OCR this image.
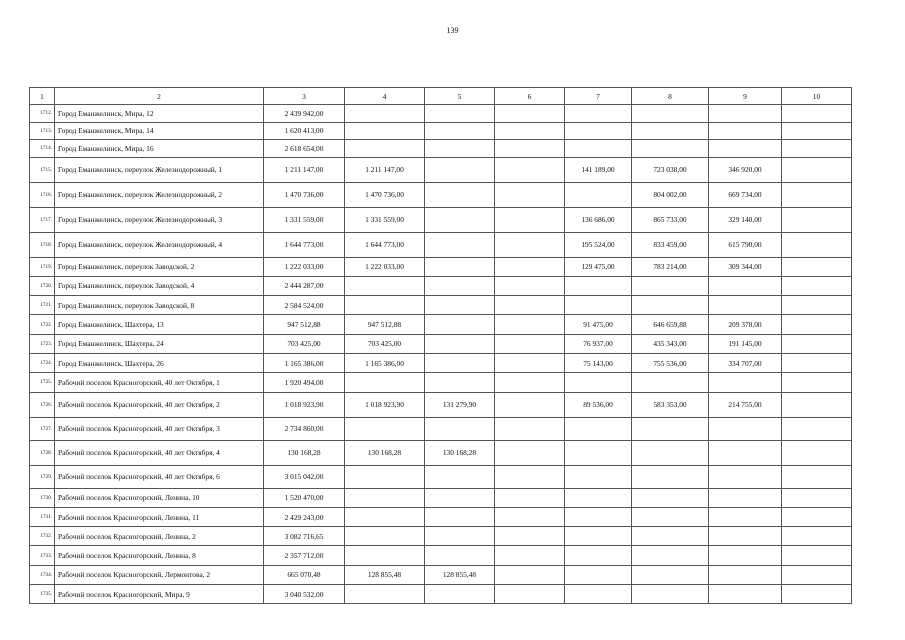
139
1	2	3	4	5	6	7	8	9	10
1712.	Город Еманжелинск, Мира, 12	2 439 942,00							
1713.	Город Еманжелинск, Мира, 14	1 620 413,00							
1714.	Город Еманжелинск, Мира, 16	2 618 654,00							
1715.	Город Еманжелинск, переулок Железнодорожный, 1	1 211 147,00	1 211 147,00			141 189,00	723 038,00	346 920,00	
1716.	Город Еманжелинск, переулок Железнодорожный, 2	1 470 736,00	1 470 736,00				804 002,00	669 734,00	
1717.	Город Еманжелинск, переулок Железнодорожный, 3	1 331 559,00	1 331 559,00			136 686,00	865 733,00	329 140,00	
1718.	Город Еманжелинск, переулок Железнодорожный, 4	1 644 773,00	1 644 773,00			195 524,00	833 459,00	615 790,00	
1719.	Город Еманжелинск, переулок Заводской, 2	1 222 033,00	1 222 033,00			129 475,00	783 214,00	309 344,00	
1720.	Город Еманжелинск, переулок Заводской, 4	2 444 287,00							
1721.	Город Еманжелинск, переулок Заводской, 8	2 584 524,00							
1722.	Город Еманжелинск, Шахтера, 13	947 512,88	947 512,88			91 475,00	646 659,88	209 378,00	
1723.	Город Еманжелинск, Шахтера, 24	703 425,00	703 425,00			76 937,00	435 343,00	191 145,00	
1724.	Город Еманжелинск, Шахтера, 26	1 165 386,00	1 165 386,00			75 143,00	755 536,00	334 707,00	
1725.	Рабочий поселок Красногорский, 40 лет Октября, 1	1 920 494,00							
1726.	Рабочий поселок Красногорский, 40 лет Октября, 2	1 018 923,90	1 018 923,90	131 279,90		89 536,00	583 353,00	214 755,00	
1727.	Рабочий поселок Красногорский, 40 лет Октября, 3	2 734 860,00							
1728.	Рабочий поселок Красногорский, 40 лет Октября, 4	130 168,28	130 168,28	130 168,28					
1729.	Рабочий поселок Красногорский, 40 лет Октября, 6	3 015 042,00							
1730.	Рабочий поселок Красногорский, Ленина, 10	1 520 470,00							
1731.	Рабочий поселок Красногорский, Ленина, 11	2 429 243,00							
1732.	Рабочий поселок Красногорский, Ленина, 2	3 082 716,65							
1733.	Рабочий поселок Красногорский, Ленина, 8	2 357 712,00							
1734.	Рабочий поселок Красногорский, Лермонтова, 2	665 070,48	128 855,48	128 855,48					
1735.	Рабочий поселок Красногорский, Мира, 9	3 040 532,00							
